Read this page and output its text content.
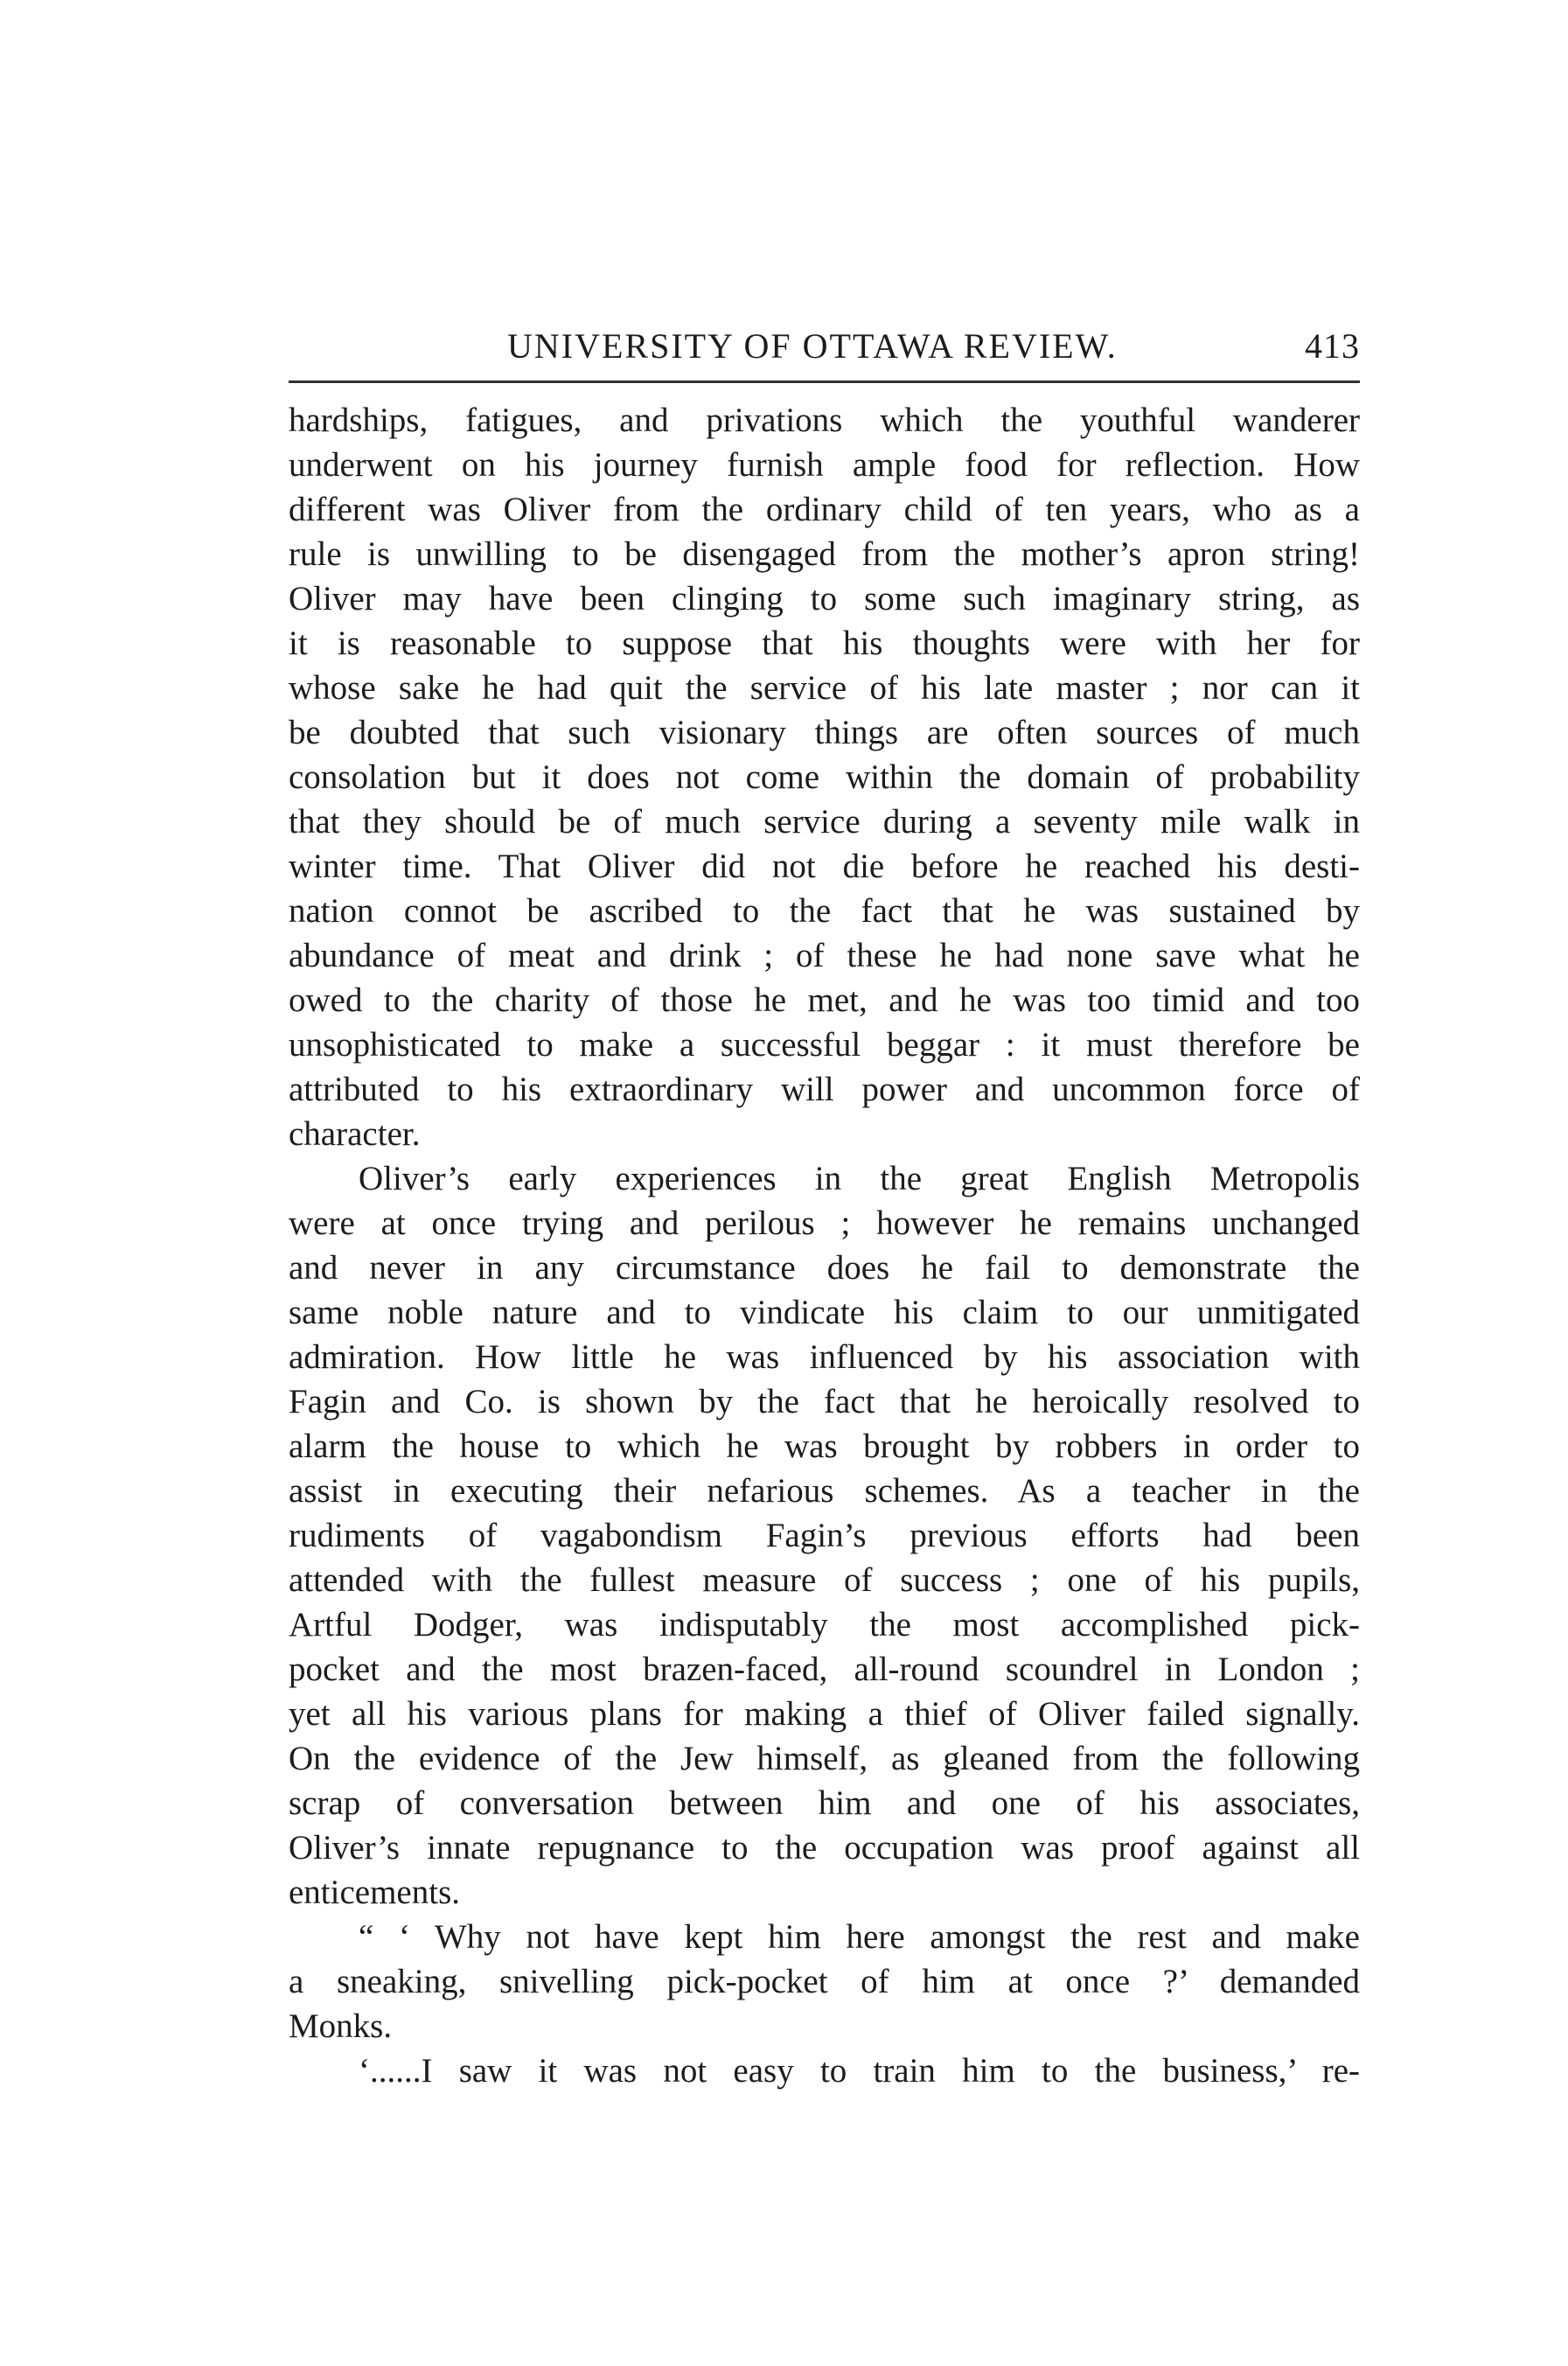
UNIVERSITY OF OTTAWA REVIEW.	413
hardships, fatigues, and privations which the youthful wanderer
underwent on his journey furnish ample food for reflection. How
different was Oliver from the ordinary child of ten years, who as a
rule is unwilling to be disengaged from the mother’s apron string!
Oliver may have been clinging to some such imaginary string, as
it is reasonable to suppose that his thoughts were with her for
whose sake he had quit the service of his late master ; nor can it
be doubted that such visionary things are often sources of much
consolation but it does not come within the domain of probability
that they should be of much service during a seventy mile walk in
winter time. That Oliver did not die before he reached his desti-
nation connot be ascribed to the fact that he was sustained by
abundance of meat and drink ; of these he had none save what he
owed to the charity of those he met, and he was too timid and too
unsophisticated to make a successful beggar : it must therefore be
attributed to his extraordinary will power and uncommon force of
character.
Oliver’s early experiences in the great English Metropolis
were at once trying and perilous ; however he remains unchanged
and never in any circumstance does he fail to demonstrate the
same noble nature and to vindicate his claim to our unmitigated
admiration. How little he was influenced by his association with
Fagin and Co. is shown by the fact that he heroically resolved to
alarm the house to which he was brought by robbers in order to
assist in executing their nefarious schemes. As a teacher in the
rudiments of vagabondism Fagin’s previous efforts had been
attended with the fullest measure of success ; one of his pupils,
Artful Dodger, was indisputably the most accomplished pick-
pocket and the most brazen-faced, all-round scoundrel in London ;
yet all his various plans for making a thief of Oliver failed signally.
On the evidence of the Jew himself, as gleaned from the following
scrap of conversation between him and one of his associates,
Oliver’s innate repugnance to the occupation was proof against all
enticements.
“ ‘ Why not have kept him here amongst the rest and make
a sneaking, snivelling pick-pocket of him at once ?’ demanded
Monks.
‘......I saw it was not easy to train him to the business,’ re-
